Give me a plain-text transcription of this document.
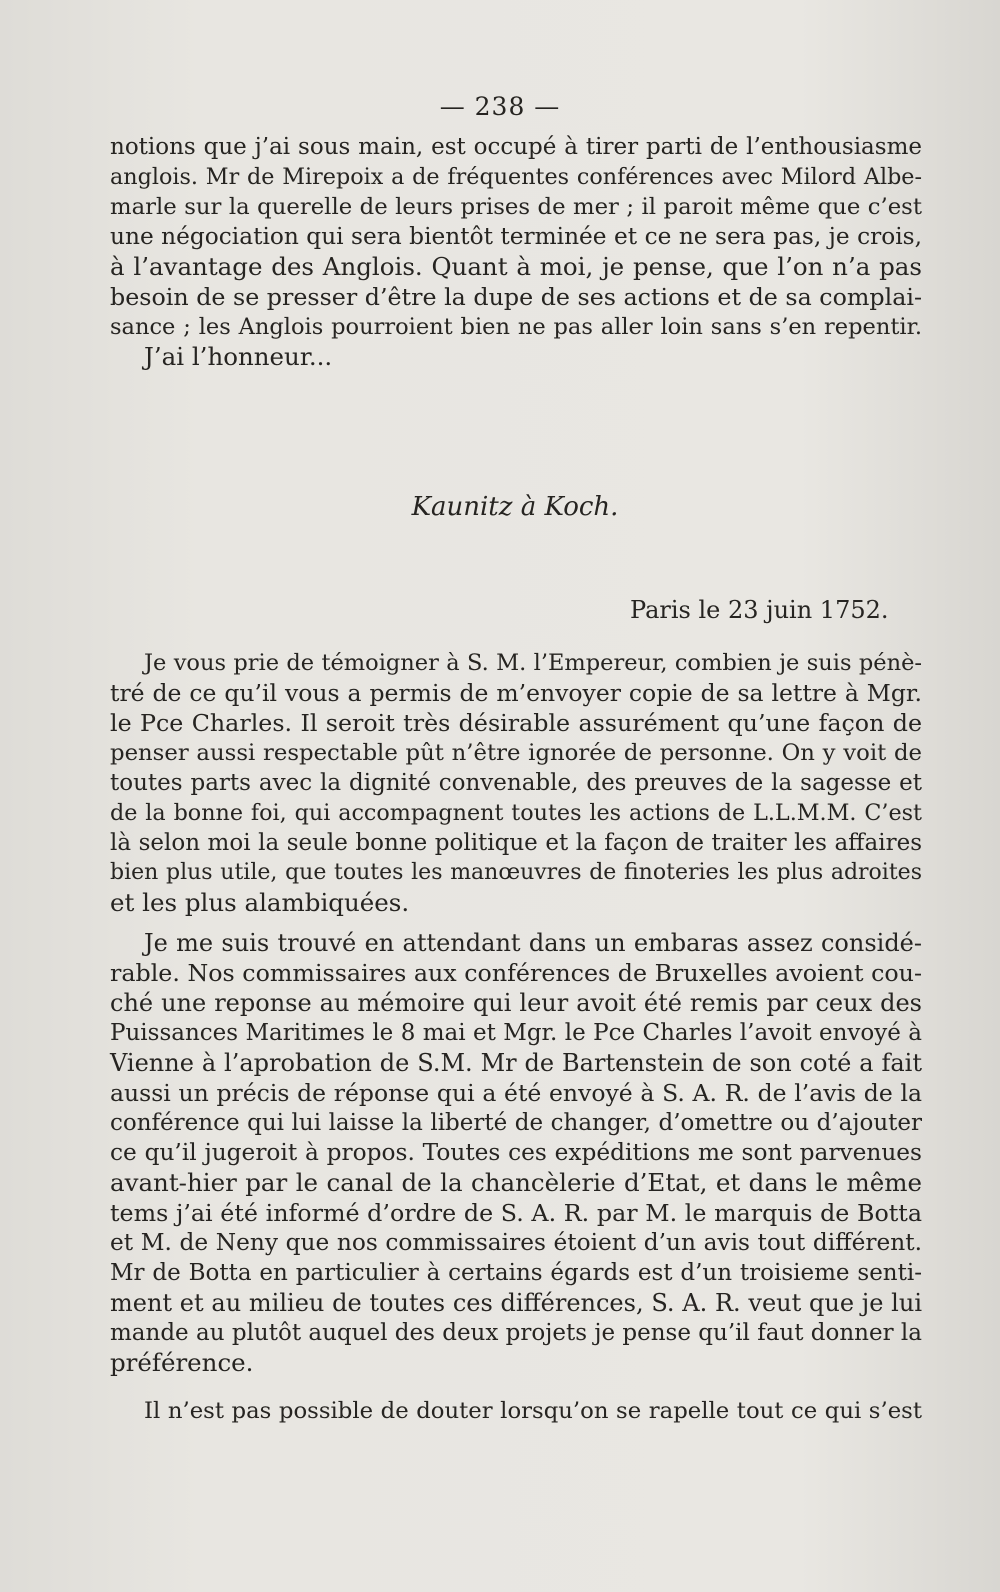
— 238 —
notions que j’ai sous main, est occupé à tirer parti de l’enthousiasme
anglois. Mr de Mirepoix a de fréquentes conférences avec Milord Albe-
marle sur la querelle de leurs prises de mer ; il paroit même que c’est
une négociation qui sera bientôt terminée et ce ne sera pas, je crois,
à l’avantage des Anglois. Quant à moi, je pense, que l’on n’a pas
besoin de se presser d’être la dupe de ses actions et de sa complai-
sance ; les Anglois pourroient bien ne pas aller loin sans s’en repentir.
J’ai l’honneur...
Kaunitz à Koch.
Paris le 23 juin 1752.
Je vous prie de témoigner à S. M. l’Empereur, combien je suis pénè-
tré de ce qu’il vous a permis de m’envoyer copie de sa lettre à Mgr.
le Pce Charles. Il seroit très désirable assurément qu’une façon de
penser aussi respectable pût n’être ignorée de personne. On y voit de
toutes parts avec la dignité convenable, des preuves de la sagesse et
de la bonne foi, qui accompagnent toutes les actions de L.L.M.M. C’est
là selon moi la seule bonne politique et la façon de traiter les affaires
bien plus utile, que toutes les manœuvres de finoteries les plus adroites
et les plus alambiquées.
Je me suis trouvé en attendant dans un embaras assez considé-
rable. Nos commissaires aux conférences de Bruxelles avoient cou-
ché une reponse au mémoire qui leur avoit été remis par ceux des
Puissances Maritimes le 8 mai et Mgr. le Pce Charles l’avoit envoyé à
Vienne à l’aprobation de S.M. Mr de Bartenstein de son coté a fait
aussi un précis de réponse qui a été envoyé à S. A. R. de l’avis de la
conférence qui lui laisse la liberté de changer, d’omettre ou d’ajouter
ce qu’il jugeroit à propos. Toutes ces expéditions me sont parvenues
avant-hier par le canal de la chancèlerie d’Etat, et dans le même
tems j’ai été informé d’ordre de S. A. R. par M. le marquis de Botta
et M. de Neny que nos commissaires étoient d’un avis tout différent.
Mr de Botta en particulier à certains égards est d’un troisieme senti-
ment et au milieu de toutes ces différences, S. A. R. veut que je lui
mande au plutôt auquel des deux projets je pense qu’il faut donner la
préférence.
Il n’est pas possible de douter lorsqu’on se rapelle tout ce qui s’est
